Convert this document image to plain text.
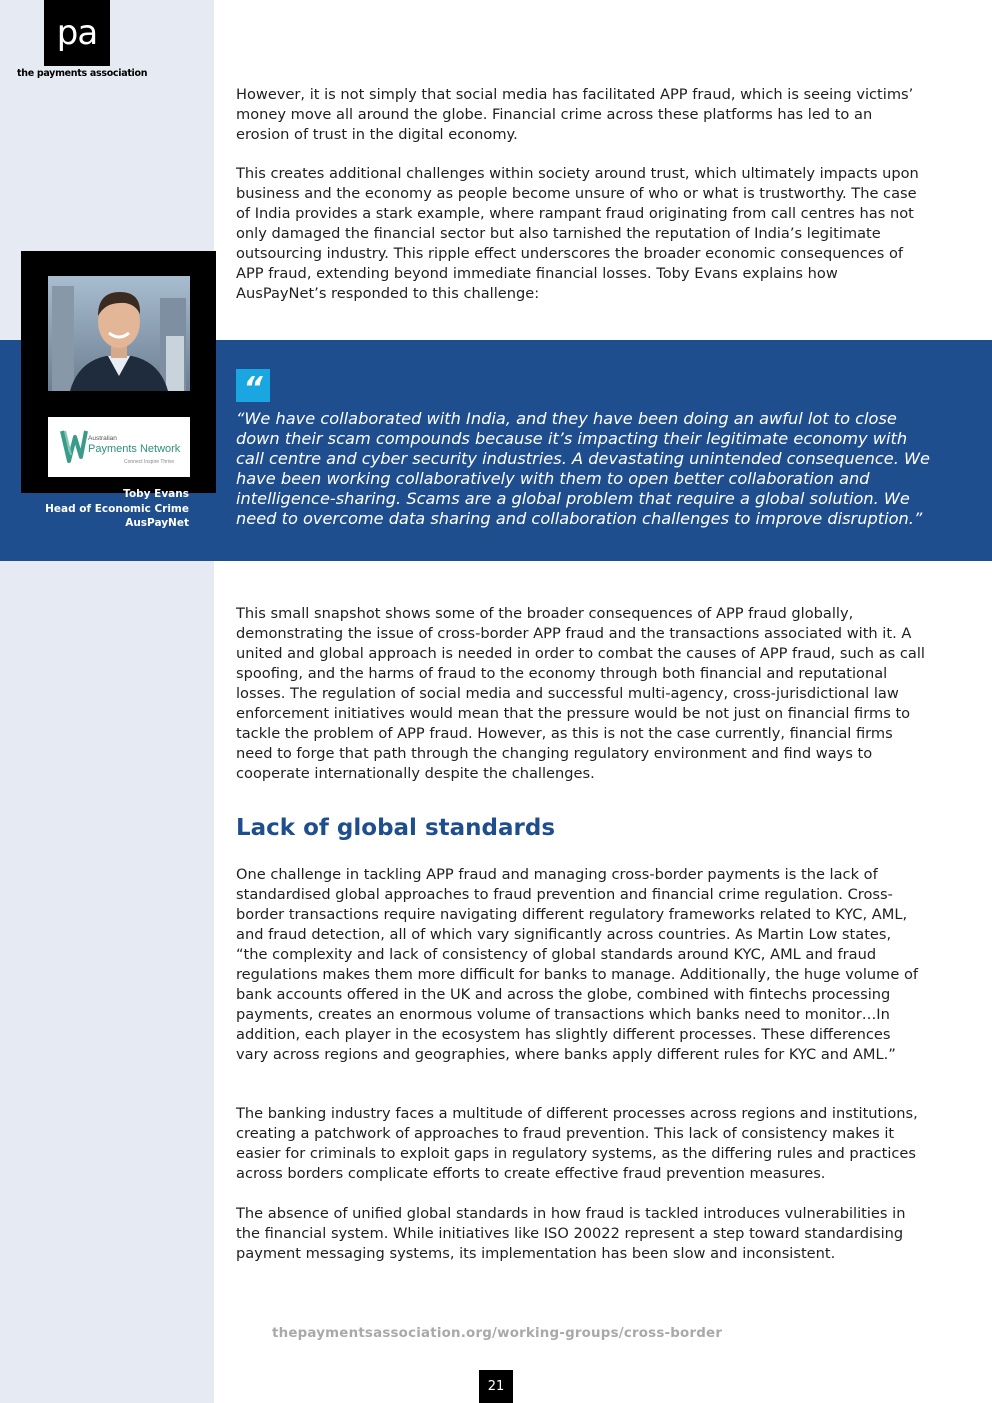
pa
the payments association

However, it is not simply that social media has facilitated APP fraud, which is seeing victims’ money move all around the globe. Financial crime across these platforms has led to an erosion of trust in the digital economy.

This creates additional challenges within society around trust, which ultimately impacts upon business and the economy as people become unsure of who or what is trustworthy. The case of India provides a stark example, where rampant fraud originating from call centres has not only damaged the financial sector but also tarnished the reputation of India’s legitimate outsourcing industry. This ripple effect underscores the broader economic consequences of APP fraud, extending beyond immediate financial losses. Toby Evans explains how AusPayNet’s responded to this challenge:

Australian
Payments Network
Connect Inspire Thrive
Toby Evans
Head of Economic Crime
AusPayNet
“
“We have collaborated with India, and they have been doing an awful lot to close down their scam compounds because it’s impacting their legitimate economy with call centre and cyber security industries. A devastating unintended consequence. We have been working collaboratively with them to open better collaboration and intelligence-sharing. Scams are a global problem that require a global solution. We need to overcome data sharing and collaboration challenges to improve disruption.”

This small snapshot shows some of the broader consequences of APP fraud globally, demonstrating the issue of cross-border APP fraud and the transactions associated with it. A united and global approach is needed in order to combat the causes of APP fraud, such as call spoofing, and the harms of fraud to the economy through both financial and reputational losses. The regulation of social media and successful multi-agency, cross-jurisdictional law enforcement initiatives would mean that the pressure would be not just on financial firms to tackle the problem of APP fraud. However, as this is not the case currently, financial firms need to forge that path through the changing regulatory environment and find ways to cooperate internationally despite the challenges.

Lack of global standards

One challenge in tackling APP fraud and managing cross-border payments is the lack of standardised global approaches to fraud prevention and financial crime regulation. Cross-border transactions require navigating different regulatory frameworks related to KYC, AML, and fraud detection, all of which vary significantly across countries. As Martin Low states, “the complexity and lack of consistency of global standards around KYC, AML and fraud regulations makes them more difficult for banks to manage. Additionally, the huge volume of bank accounts offered in the UK and across the globe, combined with fintechs processing payments, creates an enormous volume of transactions which banks need to monitor…In addition, each player in the ecosystem has slightly different processes. These differences vary across regions and geographies, where banks apply different rules for KYC and AML.”

The banking industry faces a multitude of different processes across regions and institutions, creating a patchwork of approaches to fraud prevention. This lack of consistency makes it easier for criminals to exploit gaps in regulatory systems, as the differing rules and practices across borders complicate efforts to create effective fraud prevention measures.

The absence of unified global standards in how fraud is tackled introduces vulnerabilities in the financial system. While initiatives like ISO 20022 represent a step toward standardising payment messaging systems, its implementation has been slow and inconsistent.

thepaymentsassociation.org/working-groups/cross-border
21
